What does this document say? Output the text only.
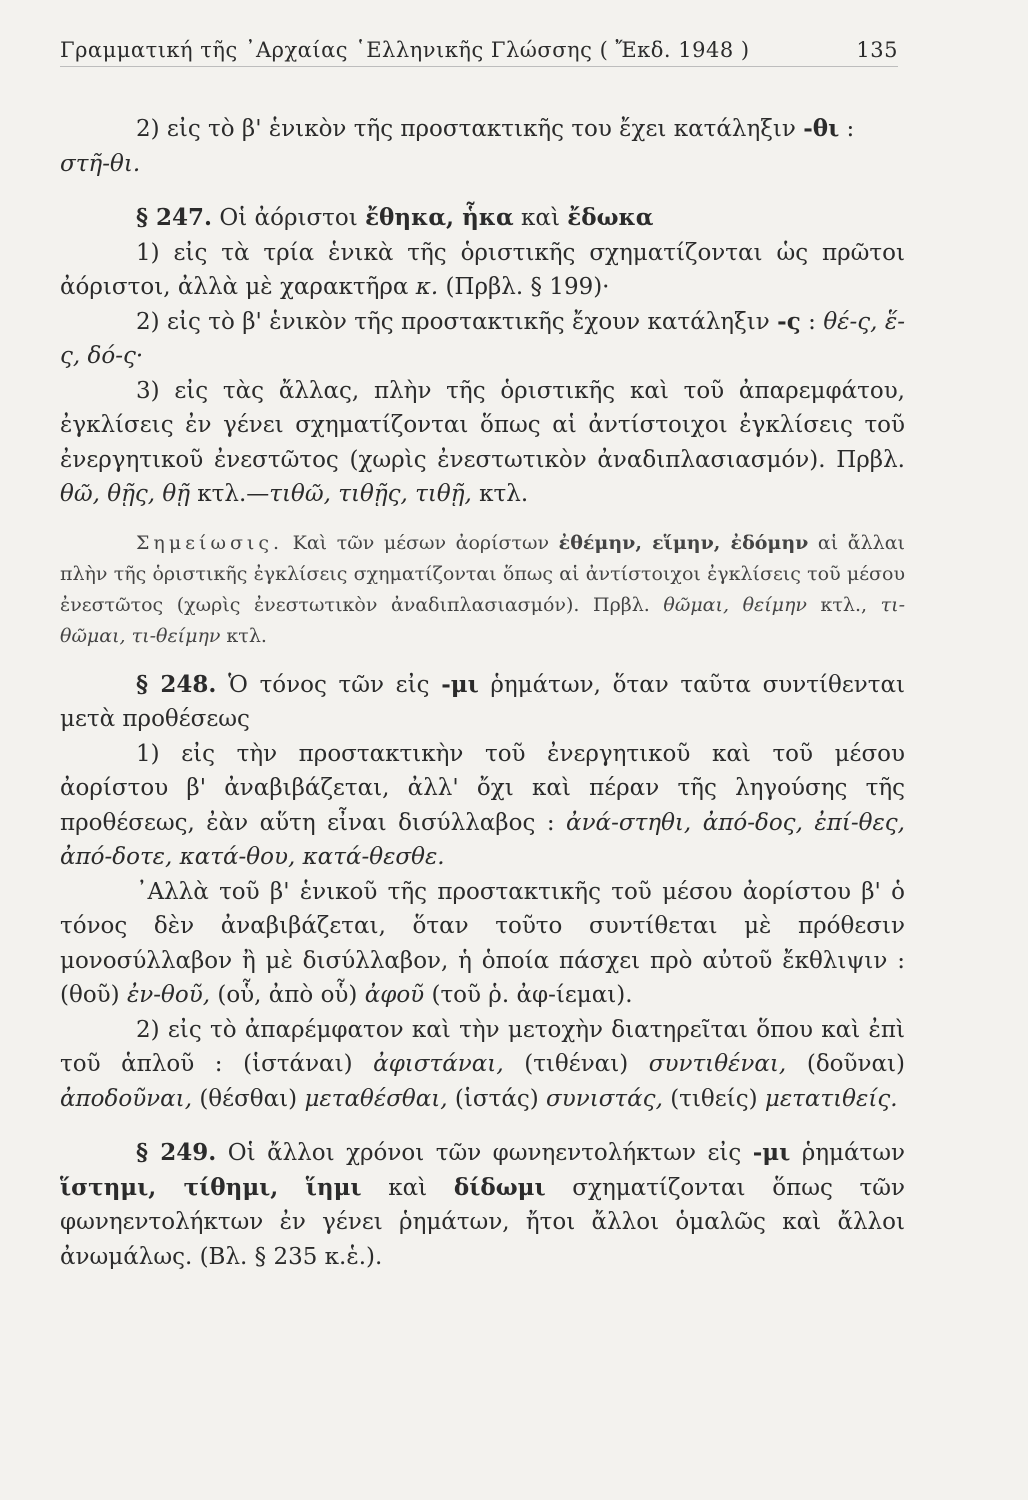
Γραμματική τῆς ᾿Αρχαίας ῾Ελληνικῆς Γλώσσης ( Ἔκδ. 1948 )	135

2) εἰς τὸ β' ἑνικὸν τῆς προστακτικῆς του ἔχει κατάληξιν -θι :
στῆ-θι.

§ 247. Οἱ ἀόριστοι ἔθηκα, ἧκα καὶ ἔδωκα

1) εἰς τὰ τρία ἑνικὰ τῆς ὁριστικῆς σχηματίζονται ὡς πρῶτοι ἀόριστοι, ἀλλὰ μὲ χαρακτῆρα κ. (Πρβλ. § 199)·

2) εἰς τὸ β' ἑνικὸν τῆς προστακτικῆς ἔχουν κατάληξιν -ς : θέ-ς, ἕ-ς, δό-ς·

3) εἰς τὰς ἄλλας, πλὴν τῆς ὁριστικῆς καὶ τοῦ ἀπαρεμφάτου, ἐγκλίσεις ἐν γένει σχηματίζονται ὅπως αἱ ἀντίστοιχοι ἐγκλίσεις τοῦ ἐνεργητικοῦ ἐνεστῶτος (χωρὶς ἐνεστωτικὸν ἀναδιπλασιασμόν). Πρβλ. θῶ, θῇς, θῇ κτλ.—τιθῶ, τιθῇς, τιθῇ, κτλ.

Σημείωσις. Καὶ τῶν μέσων ἀορίστων ἐθέμην, εἵμην, ἐδόμην αἱ ἄλλαι πλὴν τῆς ὁριστικῆς ἐγκλίσεις σχηματίζονται ὅπως αἱ ἀντίστοιχοι ἐγκλίσεις τοῦ μέσου ἐνεστῶτος (χωρὶς ἐνεστωτικὸν ἀναδιπλασιασμόν). Πρβλ. θῶμαι, θείμην κτλ., τι-θῶμαι, τι-θείμην κτλ.

§ 248. Ὁ τόνος τῶν εἰς -μι ῥημάτων, ὅταν ταῦτα συντίθενται μετὰ προθέσεως

1) εἰς τὴν προστακτικὴν τοῦ ἐνεργητικοῦ καὶ τοῦ μέσου ἀορίστου β' ἀναβιβάζεται, ἀλλ' ὄχι καὶ πέραν τῆς ληγούσης τῆς προθέσεως, ἐὰν αὕτη εἶναι δισύλλαβος : ἀνά-στηθι, ἀπό-δος, ἐπί-θες, ἀπό-δοτε, κατά-θου, κατά-θεσθε.

᾿Αλλὰ τοῦ β' ἑνικοῦ τῆς προστακτικῆς τοῦ μέσου ἀορίστου β' ὁ τόνος δὲν ἀναβιβάζεται, ὅταν τοῦτο συντίθεται μὲ πρόθεσιν μονοσύλλαβον ἢ μὲ δισύλλαβον, ἡ ὁποία πάσχει πρὸ αὐτοῦ ἔκθλιψιν : (θοῦ) ἐν-θοῦ, (οὗ, ἀπὸ οὗ) ἀφοῦ (τοῦ ῥ. ἀφ-ίεμαι).

2) εἰς τὸ ἀπαρέμφατον καὶ τὴν μετοχὴν διατηρεῖται ὅπου καὶ ἐπὶ τοῦ ἁπλοῦ : (ἱστάναι) ἀφιστάναι, (τιθέναι) συντιθέναι, (δοῦναι) ἀποδοῦναι, (θέσθαι) μεταθέσθαι, (ἱστάς) συνιστάς, (τιθείς) μετατιθείς.

§ 249. Οἱ ἄλλοι χρόνοι τῶν φωνηεντολήκτων εἰς -μι ῥημάτων ἵστημι, τίθημι, ἵημι καὶ δίδωμι σχηματίζονται ὅπως τῶν φωνηεντολήκτων ἐν γένει ῥημάτων, ἤτοι ἄλλοι ὁμαλῶς καὶ ἄλλοι ἀνωμάλως. (Βλ. § 235 κ.ἑ.).
